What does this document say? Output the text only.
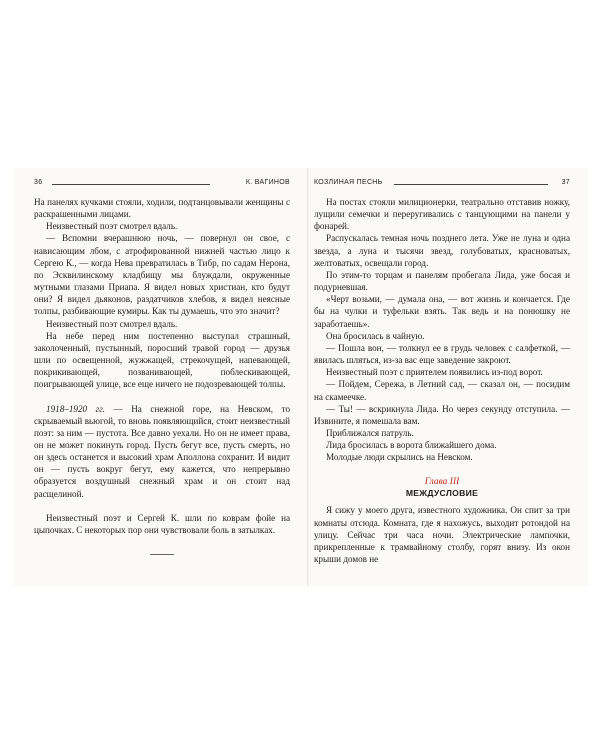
36	К. ВАГИНОВ

На панелях кучками стояли, ходили, подтанцовывали женщины с раскрашенными лицами.

Неизвестный поэт смотрел вдаль.

— Вспомни вчерашнюю ночь, — повернул он свое, с нависающим лбом, с атрофированной нижней частью лицо к Сергею К., — когда Нева превратилась в Тибр, по садам Нерона, по Эсквилинскому кладбищу мы блуждали, окруженные мутными глазами Приапа. Я видел новых христиан, кто будут они? Я видел дьяконов, раздатчиков хлебов, я видел неясные толпы, разбивающие кумиры. Как ты думаешь, что это значит?

Неизвестный поэт смотрел вдаль.

На небе перед ним постепенно выступал страшный, заколоченный, пустынный, поросший травой город — друзья шли по освещенной, жужжащей, стрекочущей, напевающей, покрикивающей, позванивающей, поблескивающей, поигрывающей улице, все еще ничего не подозревающей толпы.

1918–1920 гг. — На снежной горе, на Невском, то скрываемый вьюгой, то вновь появляющийся, стоит неизвестный поэт: за ним — пустота. Все давно уехали. Но он не имеет права, он не может покинуть город. Пусть бегут все, пусть смерть, но он здесь останется и высокий храм Аполлона сохранит. И видит он — пусть вокруг бегут, ему кажется, что непрерывно образуется воздушный снежный храм и он стоит над расщелиной.

Неизвестный поэт и Сергей К. шли по коврам фойе на цыпочках. С некоторых пор они чувствовали боль в затылках.

КОЗЛИНАЯ ПЕСНЬ	37

На постах стояли милиционерки, театрально отставив ножку, лущили семечки и переругивались с танцующими на панели у фонарей.

Распускалась темная ночь позднего лета. Уже не луна и одна звезда, а луна и тысячи звезд, голубоватых, красноватых, желтоватых, освещали город.

По этим-то торцам и панелям пробегала Лида, уже босая и подурневшая.

«Черт возьми, — думала она, — вот жизнь и кончается. Где бы на чулки и туфельки взять. Так ведь и на понюшку не заработаешь».

Она бросилась в чайную.

— Пошла вон, — толкнул ее в грудь человек с салфеткой, — явилась шляться, из-за вас еще заведение закроют.

Неизвестный поэт с приятелем появились из-под ворот.

— Пойдем, Сережа, в Летний сад, — сказал он, — посидим на скамеечке.

— Ты! — вскрикнула Лида. Но через секунду отступила. — Извините, я помешала вам.

Приближался патруль.

Лида бросилась в ворота ближайшего дома.

Молодые люди скрылись на Невском.

Глава III
МЕЖДУСЛОВИЕ

Я сижу у моего друга, известного художника. Он спит за три комнаты отсюда. Комната, где я нахожусь, выходит ротондой на улицу. Сейчас три часа ночи. Электрические лампочки, прикрепленные к трамвайному столбу, горят внизу. Из окон крыши домов не
